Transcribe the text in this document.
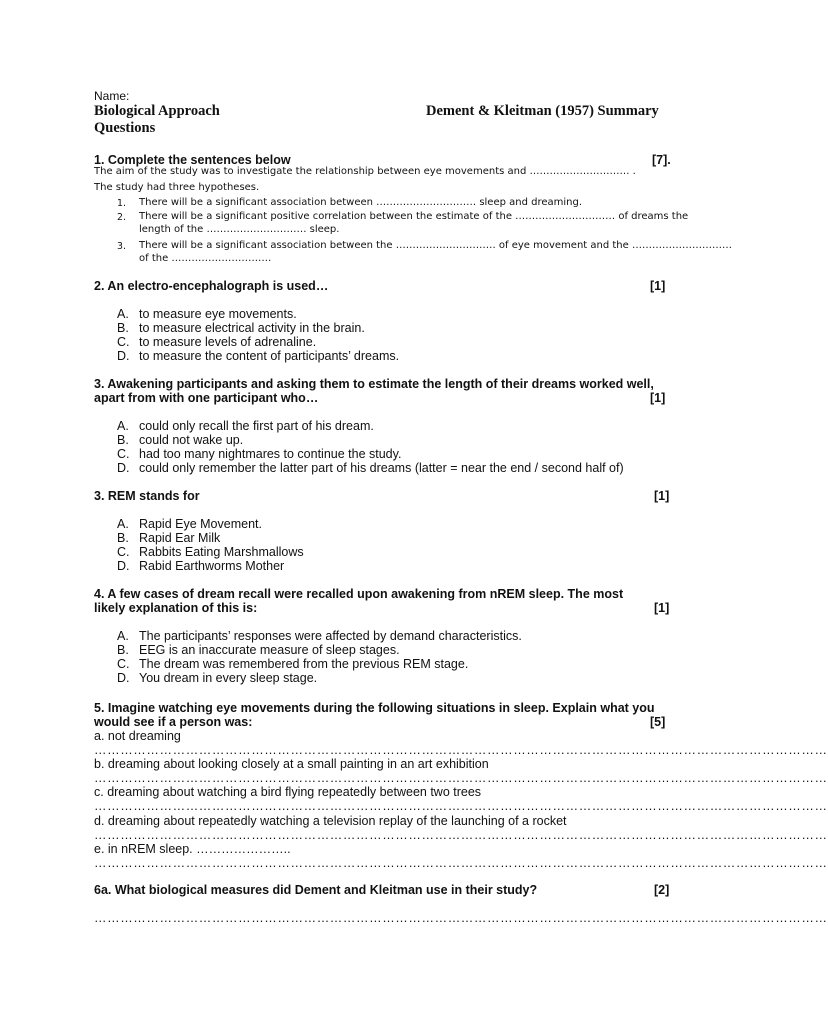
Name:
Biological Approach
Questions
Dement & Kleitman (1957) Summary
1. Complete the sentences below	[7].
The aim of the study was to investigate the relationship between eye movements and ………………………… .
The study had three hypotheses.
1. There will be a significant association between ………………………… sleep and dreaming.
2. There will be a significant positive correlation between the estimate of the ………………………… of dreams the
length of the ………………………… sleep.
3. There will be a significant association between the ………………………… of eye movement and the …………………………
of the …………………………
2. An electro-encephalograph is used…	[1]
A. to measure eye movements.
B. to measure electrical activity in the brain.
C. to measure levels of adrenaline.
D. to measure the content of participants’ dreams.
3. Awakening participants and asking them to estimate the length of their dreams worked well,
apart from with one participant who…	[1]
A. could only recall the first part of his dream.
B. could not wake up.
C. had too many nightmares to continue the study.
D. could only remember the latter part of his dreams (latter = near the end / second half of)
3. REM stands for	[1]
A. Rapid Eye Movement.
B. Rapid Ear Milk
C. Rabbits Eating Marshmallows
D. Rabid Earthworms Mother
4. A few cases of dream recall were recalled upon awakening from nREM sleep. The most
likely explanation of this is:	[1]
A. The participants’ responses were affected by demand characteristics.
B. EEG is an inaccurate measure of sleep stages.
C. The dream was remembered from the previous REM stage.
D. You dream in every sleep stage.
5. Imagine watching eye movements during the following situations in sleep. Explain what you
would see if a person was:	[5]
a. not dreaming
……………………………………………………………………………………………………………………………………………………
b. dreaming about looking closely at a small painting in an art exhibition
……………………………………………………………………………………………………………………………………………………
c. dreaming about watching a bird flying repeatedly between two trees
……………………………………………………………………………………………………………………………………………………
d. dreaming about repeatedly watching a television replay of the launching of a rocket
……………………………………………………………………………………………………………………………………………………
e. in nREM sleep. …………………..
……………………………………………………………………………………………………………………………………………………
6a. What biological measures did Dement and Kleitman use in their study?	[2]
……………………………………………………………………………………………………………………………………………………
